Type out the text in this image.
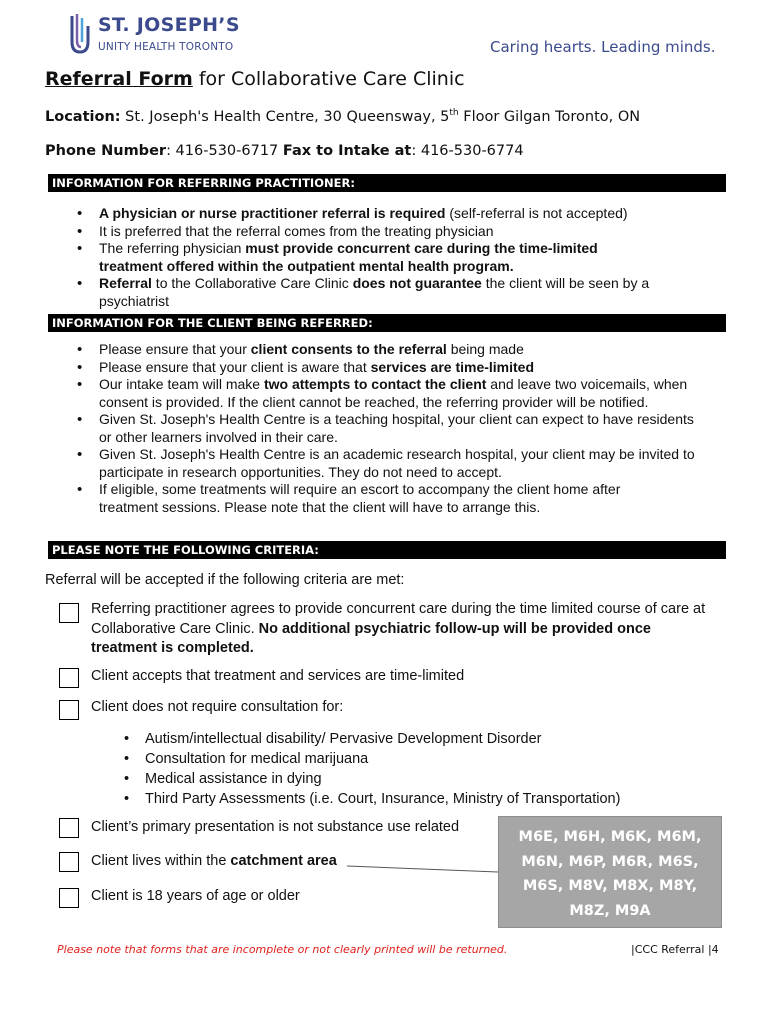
ST. JOSEPH’S
UNITY HEALTH TORONTO	Caring hearts. Leading minds.
Referral Form for Collaborative Care Clinic
Location: St. Joseph's Health Centre, 30 Queensway, 5th Floor Gilgan Toronto, ON
Phone Number: 416-530-6717 Fax to Intake at: 416-530-6774
INFORMATION FOR REFERRING PRACTITIONER:
• A physician or nurse practitioner referral is required (self-referral is not accepted)
• It is preferred that the referral comes from the treating physician
• The referring physician must provide concurrent care during the time-limited treatment offered within the outpatient mental health program.
• Referral to the Collaborative Care Clinic does not guarantee the client will be seen by a psychiatrist
INFORMATION FOR THE CLIENT BEING REFERRED:
• Please ensure that your client consents to the referral being made
• Please ensure that your client is aware that services are time-limited
• Our intake team will make two attempts to contact the client and leave two voicemails, when consent is provided. If the client cannot be reached, the referring provider will be notified.
• Given St. Joseph's Health Centre is a teaching hospital, your client can expect to have residents or other learners involved in their care.
• Given St. Joseph's Health Centre is an academic research hospital, your client may be invited to participate in research opportunities. They do not need to accept.
• If eligible, some treatments will require an escort to accompany the client home after treatment sessions. Please note that the client will have to arrange this.
PLEASE NOTE THE FOLLOWING CRITERIA:
Referral will be accepted if the following criteria are met:
Referring practitioner agrees to provide concurrent care during the time limited course of care at Collaborative Care Clinic. No additional psychiatric follow-up will be provided once treatment is completed.
Client accepts that treatment and services are time-limited
Client does not require consultation for:
• Autism/intellectual disability/ Pervasive Development Disorder
• Consultation for medical marijuana
• Medical assistance in dying
• Third Party Assessments (i.e. Court, Insurance, Ministry of Transportation)
Client’s primary presentation is not substance use related
Client lives within the catchment area
Client is 18 years of age or older
M6E, M6H, M6K, M6M,
M6N, M6P, M6R, M6S,
M6S, M8V, M8X, M8Y,
M8Z, M9A
Please note that forms that are incomplete or not clearly printed will be returned.	|CCC Referral |4
